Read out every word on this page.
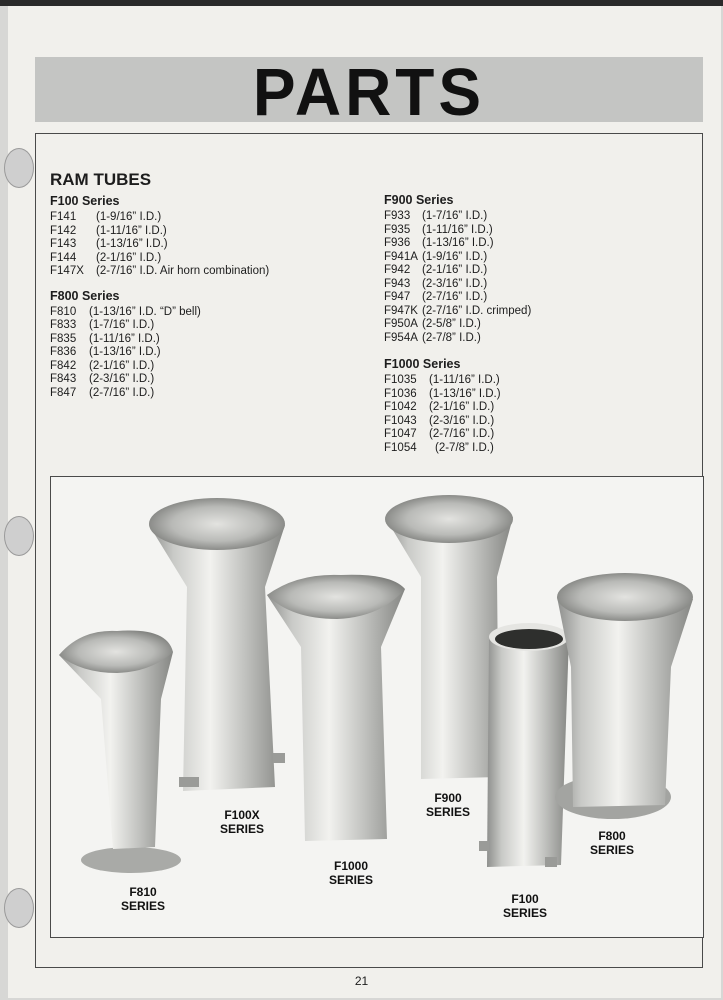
PARTS
RAM TUBES
F100 Series
F141 (1-9/16” I.D.)
F142 (1-11/16” I.D.)
F143 (1-13/16” I.D.)
F144 (2-1/16” I.D.)
F147X (2-7/16” I.D. Air horn combination)
F800 Series
F810 (1-13/16” I.D. “D” bell)
F833 (1-7/16” I.D.)
F835 (1-11/16” I.D.)
F836 (1-13/16” I.D.)
F842 (2-1/16” I.D.)
F843 (2-3/16” I.D.)
F847 (2-7/16” I.D.)
F900 Series
F933 (1-7/16” I.D.)
F935 (1-11/16” I.D.)
F936 (1-13/16” I.D.)
F941A (1-9/16” I.D.)
F942 (2-1/16” I.D.)
F943 (2-3/16” I.D.)
F947 (2-7/16” I.D.)
F947K (2-7/16” I.D. crimped)
F950A (2-5/8” I.D.)
F954A (2-7/8” I.D.)
F1000 Series
F1035 (1-11/16” I.D.)
F1036 (1-13/16” I.D.)
F1042 (2-1/16” I.D.)
F1043 (2-3/16” I.D.)
F1047 (2-7/16” I.D.)
F1054 (2-7/8” I.D.)
F810
SERIES
F100X
SERIES
F1000
SERIES
F900
SERIES
F100
SERIES
F800
SERIES
21
